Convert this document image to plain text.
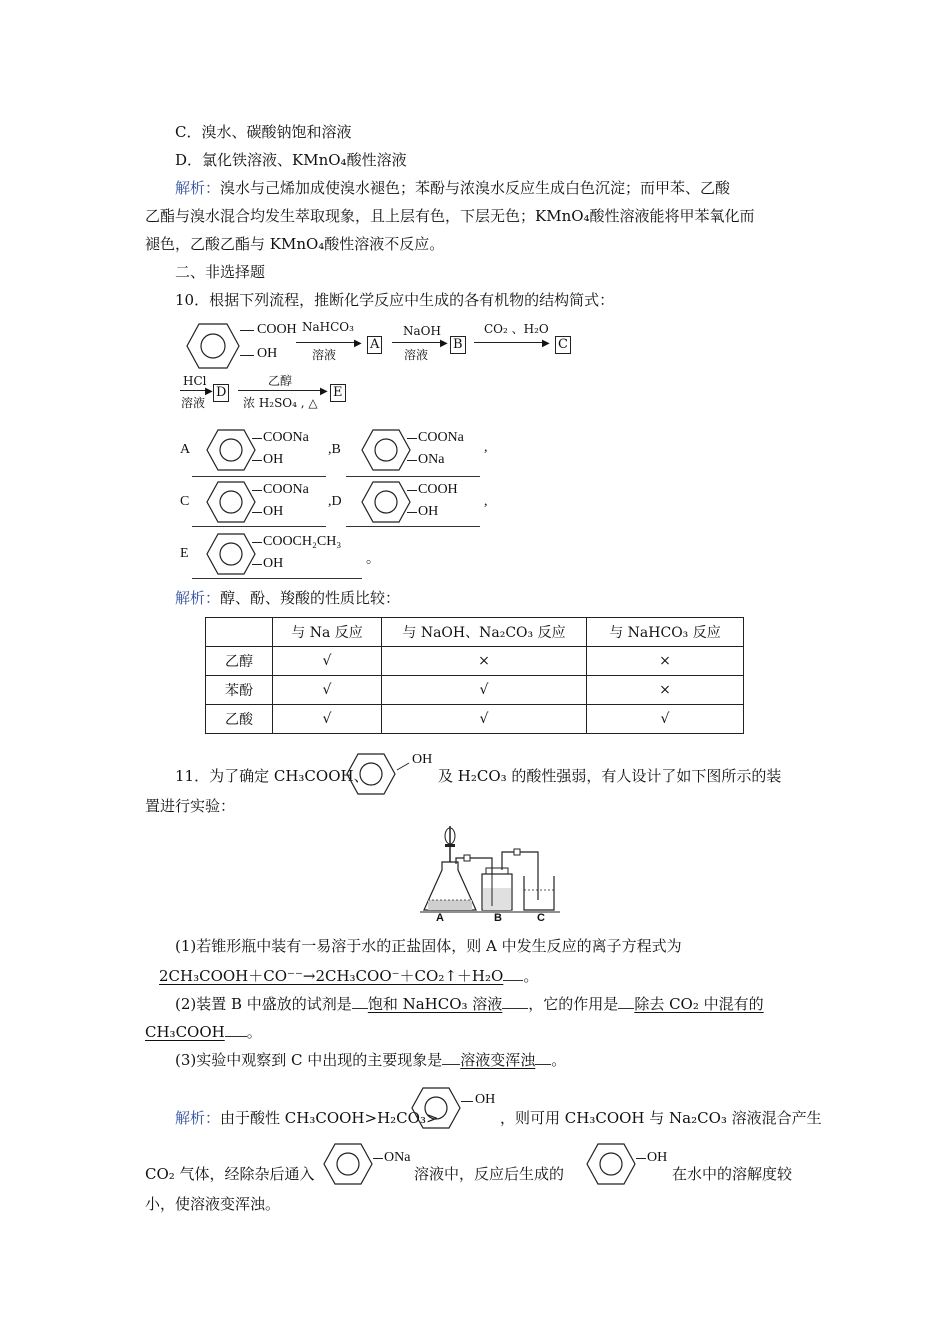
C．溴水、碳酸钠饱和溶液
D．氯化铁溶液、KMnO₄酸性溶液
解析：溴水与己烯加成使溴水褪色；苯酚与浓溴水反应生成白色沉淀；而甲苯、乙酸
乙酯与溴水混合均发生萃取现象，且上层有色，下层无色；KMnO₄酸性溶液能将甲苯氧化而
褪色，乙酸乙酯与 KMnO₄酸性溶液不反应。
二、非选择题
10．根据下列流程，推断化学反应中生成的各有机物的结构简式：
COOH
OH
NaHCO₃
▶
溶液
A
NaOH
▶
溶液
B
CO₂ 、H₂O
▶ C
HCl
▶
溶液
D
乙醇
▶
浓 H₂SO₄ , △
E
A
COONa
OH
,B
COONa
ONa
,
C
COONa
OH
,D
COOH
OH
,
E
COOCH₂CH₃
OH	。
解析：醇、酚、羧酸的性质比较：
	与 Na 反应	与 NaOH、Na₂CO₃ 反应	与 NaHCO₃ 反应
乙醇	√	×	×
苯酚	√	√	×
乙酸	√	√	√
11．为了确定 CH₃COOH、
OH
及 H₂CO₃ 的酸性强弱，有人设计了如下图所示的装
置进行实验：
A	B	C
(1)若锥形瓶中装有一易溶于水的正盐固体，则 A 中发生反应的离子方程式为
2CH₃COOH＋CO⁻⁻→2CH₃COO⁻＋CO₂↑＋H₂O 。
(2)装置 B 中盛放的试剂是 饱和 NaHCO₃ 溶液 ，它的作用是 除去 CO₂ 中混有的
CH₃COOH 。
(3)实验中观察到 C 中出现的主要现象是 溶液变浑浊 。
解析：由于酸性 CH₃COOH>H₂CO₃>
OH
，则可用 CH₃COOH 与 Na₂CO₃ 溶液混合产生
CO₂ 气体，经除杂后通入
ONa
溶液中，反应后生成的
OH
在水中的溶解度较
小，使溶液变浑浊。
